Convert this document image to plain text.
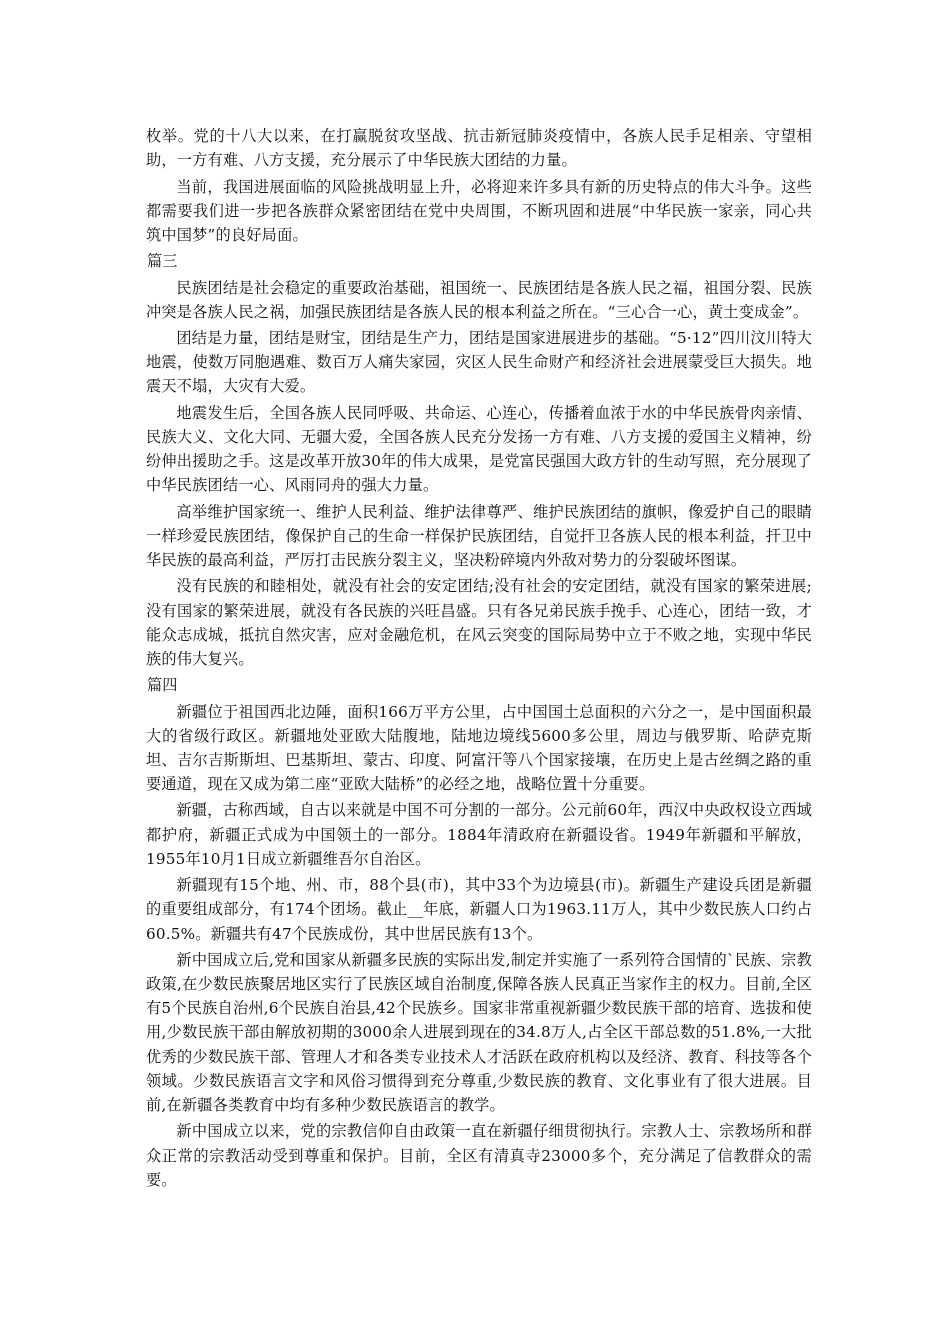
枚举。党的十八大以来，在打赢脱贫攻坚战、抗击新冠肺炎疫情中，各族人民手足相亲、守望相助，一方有难、八方支援，充分展示了中华民族大团结的力量。

当前，我国进展面临的风险挑战明显上升，必将迎来许多具有新的历史特点的伟大斗争。这些都需要我们进一步把各族群众紧密团结在党中央周围，不断巩固和进展“中华民族一家亲，同心共筑中国梦”的良好局面。

篇三

民族团结是社会稳定的重要政治基础，祖国统一、民族团结是各族人民之福，祖国分裂、民族冲突是各族人民之祸，加强民族团结是各族人民的根本利益之所在。“三心合一心，黄土变成金”。

团结是力量，团结是财宝，团结是生产力，团结是国家进展进步的基础。“5·12”四川汶川特大地震，使数万同胞遇难、数百万人痛失家园，灾区人民生命财产和经济社会进展蒙受巨大损失。地震天不塌，大灾有大爱。

地震发生后，全国各族人民同呼吸、共命运、心连心，传播着血浓于水的中华民族骨肉亲情、民族大义、文化大同、无疆大爱，全国各族人民充分发扬一方有难、八方支援的爱国主义精神，纷纷伸出援助之手。这是改革开放30年的伟大成果，是党富民强国大政方针的生动写照，充分展现了中华民族团结一心、风雨同舟的强大力量。

高举维护国家统一、维护人民利益、维护法律尊严、维护民族团结的旗帜，像爱护自己的眼睛一样珍爱民族团结，像保护自己的生命一样保护民族团结，自觉扞卫各族人民的根本利益，扞卫中华民族的最高利益，严厉打击民族分裂主义，坚决粉碎境内外敌对势力的分裂破坏图谋。

没有民族的和睦相处，就没有社会的安定团结;没有社会的安定团结，就没有国家的繁荣进展;没有国家的繁荣进展，就没有各民族的兴旺昌盛。只有各兄弟民族手挽手、心连心，团结一致，才能众志成城，抵抗自然灾害，应对金融危机，在风云突变的国际局势中立于不败之地，实现中华民族的伟大复兴。

篇四

新疆位于祖国西北边陲，面积166万平方公里，占中国国土总面积的六分之一，是中国面积最大的省级行政区。新疆地处亚欧大陆腹地，陆地边境线5600多公里，周边与俄罗斯、哈萨克斯坦、吉尔吉斯斯坦、巴基斯坦、蒙古、印度、阿富汗等八个国家接壤，在历史上是古丝绸之路的重要通道，现在又成为第二座“亚欧大陆桥”的必经之地，战略位置十分重要。

新疆，古称西域，自古以来就是中国不可分割的一部分。公元前60年，西汉中央政权设立西域都护府，新疆正式成为中国领土的一部分。1884年清政府在新疆设省。1949年新疆和平解放，1955年10月1日成立新疆维吾尔自治区。

新疆现有15个地、州、市，88个县(市)，其中33个为边境县(市)。新疆生产建设兵团是新疆的重要组成部分，有174个团场。截止__年底，新疆人口为1963.11万人，其中少数民族人口约占60.5%。新疆共有47个民族成份，其中世居民族有13个。

新中国成立后,党和国家从新疆多民族的实际出发,制定并实施了一系列符合国情的`民族、宗教政策,在少数民族聚居地区实行了民族区域自治制度,保障各族人民真正当家作主的权力。目前,全区有5个民族自治州,6个民族自治县,42个民族乡。国家非常重视新疆少数民族干部的培育、选拔和使用,少数民族干部由解放初期的3000余人进展到现在的34.8万人,占全区干部总数的51.8%,一大批优秀的少数民族干部、管理人才和各类专业技术人才活跃在政府机构以及经济、教育、科技等各个领域。少数民族语言文字和风俗习惯得到充分尊重,少数民族的教育、文化事业有了很大进展。目前,在新疆各类教育中均有多种少数民族语言的教学。

新中国成立以来，党的宗教信仰自由政策一直在新疆仔细贯彻执行。宗教人士、宗教场所和群众正常的宗教活动受到尊重和保护。目前，全区有清真寺23000多个，充分满足了信教群众的需要。
